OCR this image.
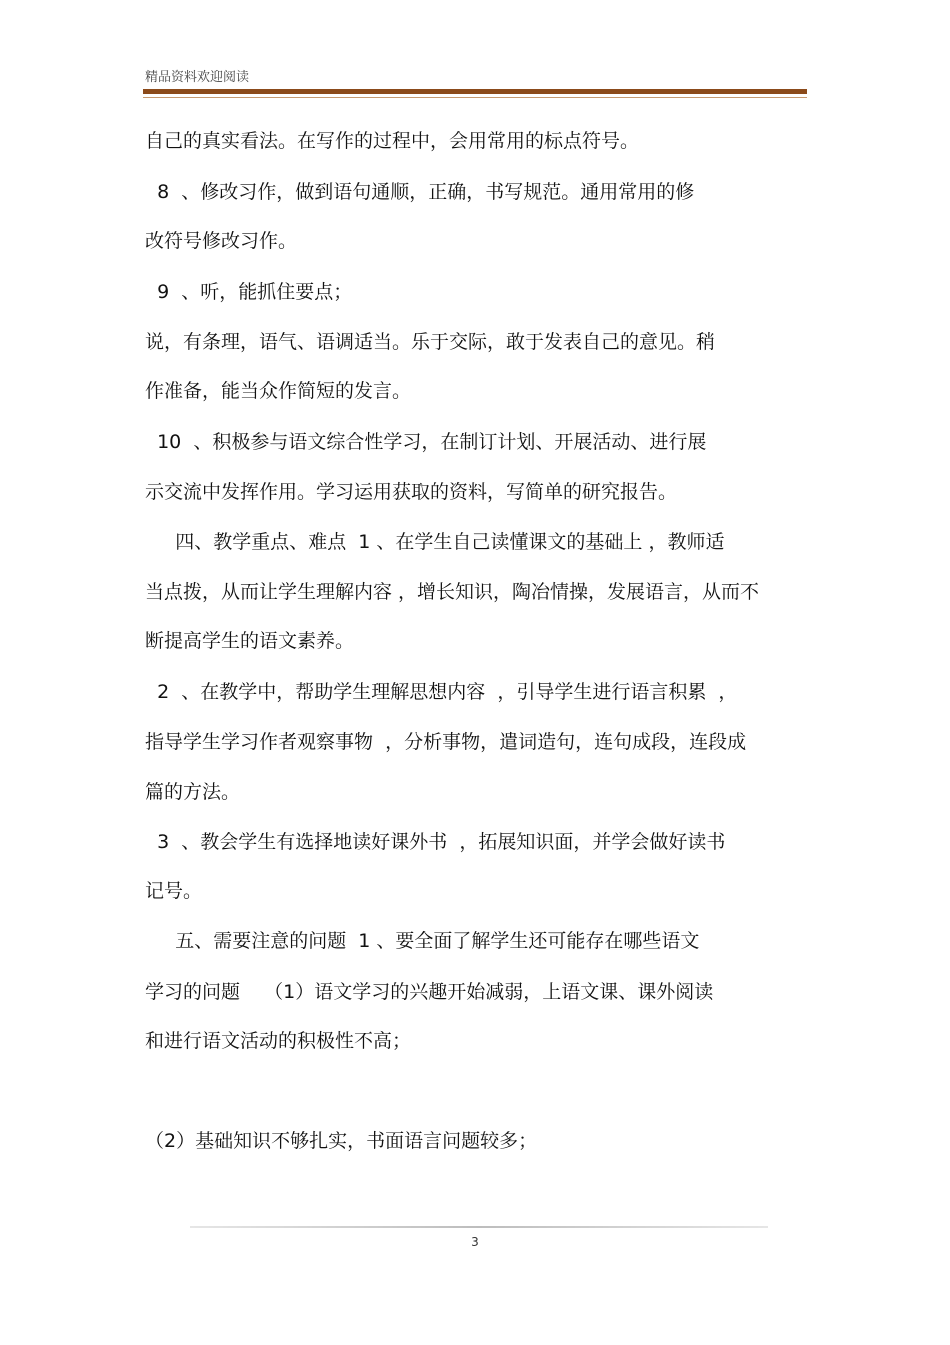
精品资料欢迎阅读
自己的真实看法。在写作的过程中，会用常用的标点符号。
8  、修改习作，做到语句通顺，正确，书写规范。通用常用的修
改符号修改习作。
9  、听，能抓住要点；
说，有条理，语气、语调适当。乐于交际，敢于发表自己的意见。稍
作准备，能当众作简短的发言。
10  、积极参与语文综合性学习，在制订计划、开展活动、进行展
示交流中发挥作用。学习运用获取的资料，写简单的研究报告。
四、教学重点、难点  1 、在学生自己读懂课文的基础上 ，教师适
当点拨，从而让学生理解内容 ，增长知识，陶冶情操，发展语言，从而不
断提高学生的语文素养。
2  、在教学中，帮助学生理解思想内容  ，引导学生进行语言积累  ，
指导学生学习作者观察事物  ，分析事物，遣词造句，连句成段，连段成
篇的方法。
3  、教会学生有选择地读好课外书  ，拓展知识面，并学会做好读书
记号。
五、需要注意的问题  1 、要全面了解学生还可能存在哪些语文
学习的问题    （1）语文学习的兴趣开始减弱，上语文课、课外阅读
和进行语文活动的积极性不高；
（2）基础知识不够扎实，书面语言问题较多；
3
